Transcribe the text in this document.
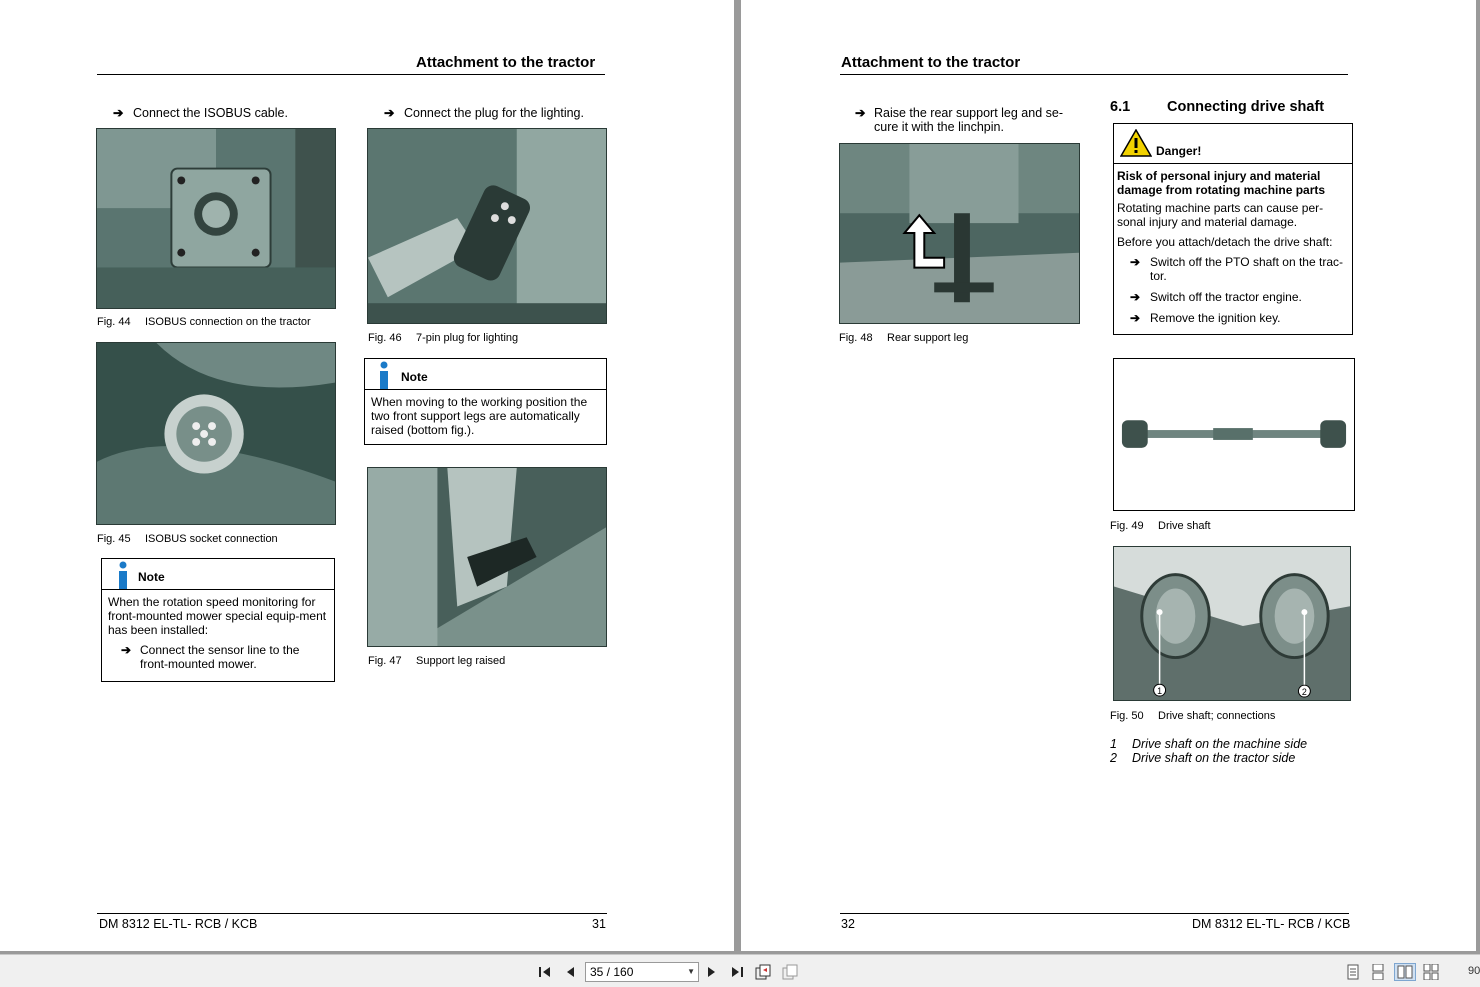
Attachment to the tractor
➔ Connect the ISOBUS cable.	➔ Connect the plug for the lighting.
Fig. 44 ISOBUS connection on the tractor
Fig. 45 ISOBUS socket connection
Note

When the rotation speed monitoring for front-mounted mower special equip-ment has been installed:

➔ Connect the sensor line to the front-mounted mower.
Fig. 46 7-pin plug for lighting
Note

When moving to the working position the two front support legs are automatically raised (bottom fig.).

Fig. 47 Support leg raised
DM 8312 EL-TL- RCB / KCB	31
Attachment to the tractor
➔ Raise the rear support leg and se-cure it with the linchpin.
Fig. 48 Rear support leg
6.1	Connecting drive shaft
Danger!

Risk of personal injury and material damage from rotating machine parts

Rotating machine parts can cause per-sonal injury and material damage.

Before you attach/detach the drive shaft:

➔ Switch off the PTO shaft on the trac-tor.
➔ Switch off the tractor engine.
➔ Remove the ignition key.
Fig. 49 Drive shaft
1	2
Fig. 50 Drive shaft; connections
1 Drive shaft on the machine side
2 Drive shaft on the tractor side
32	DM 8312 EL-TL- RCB / KCB
35 / 160	▼	90
